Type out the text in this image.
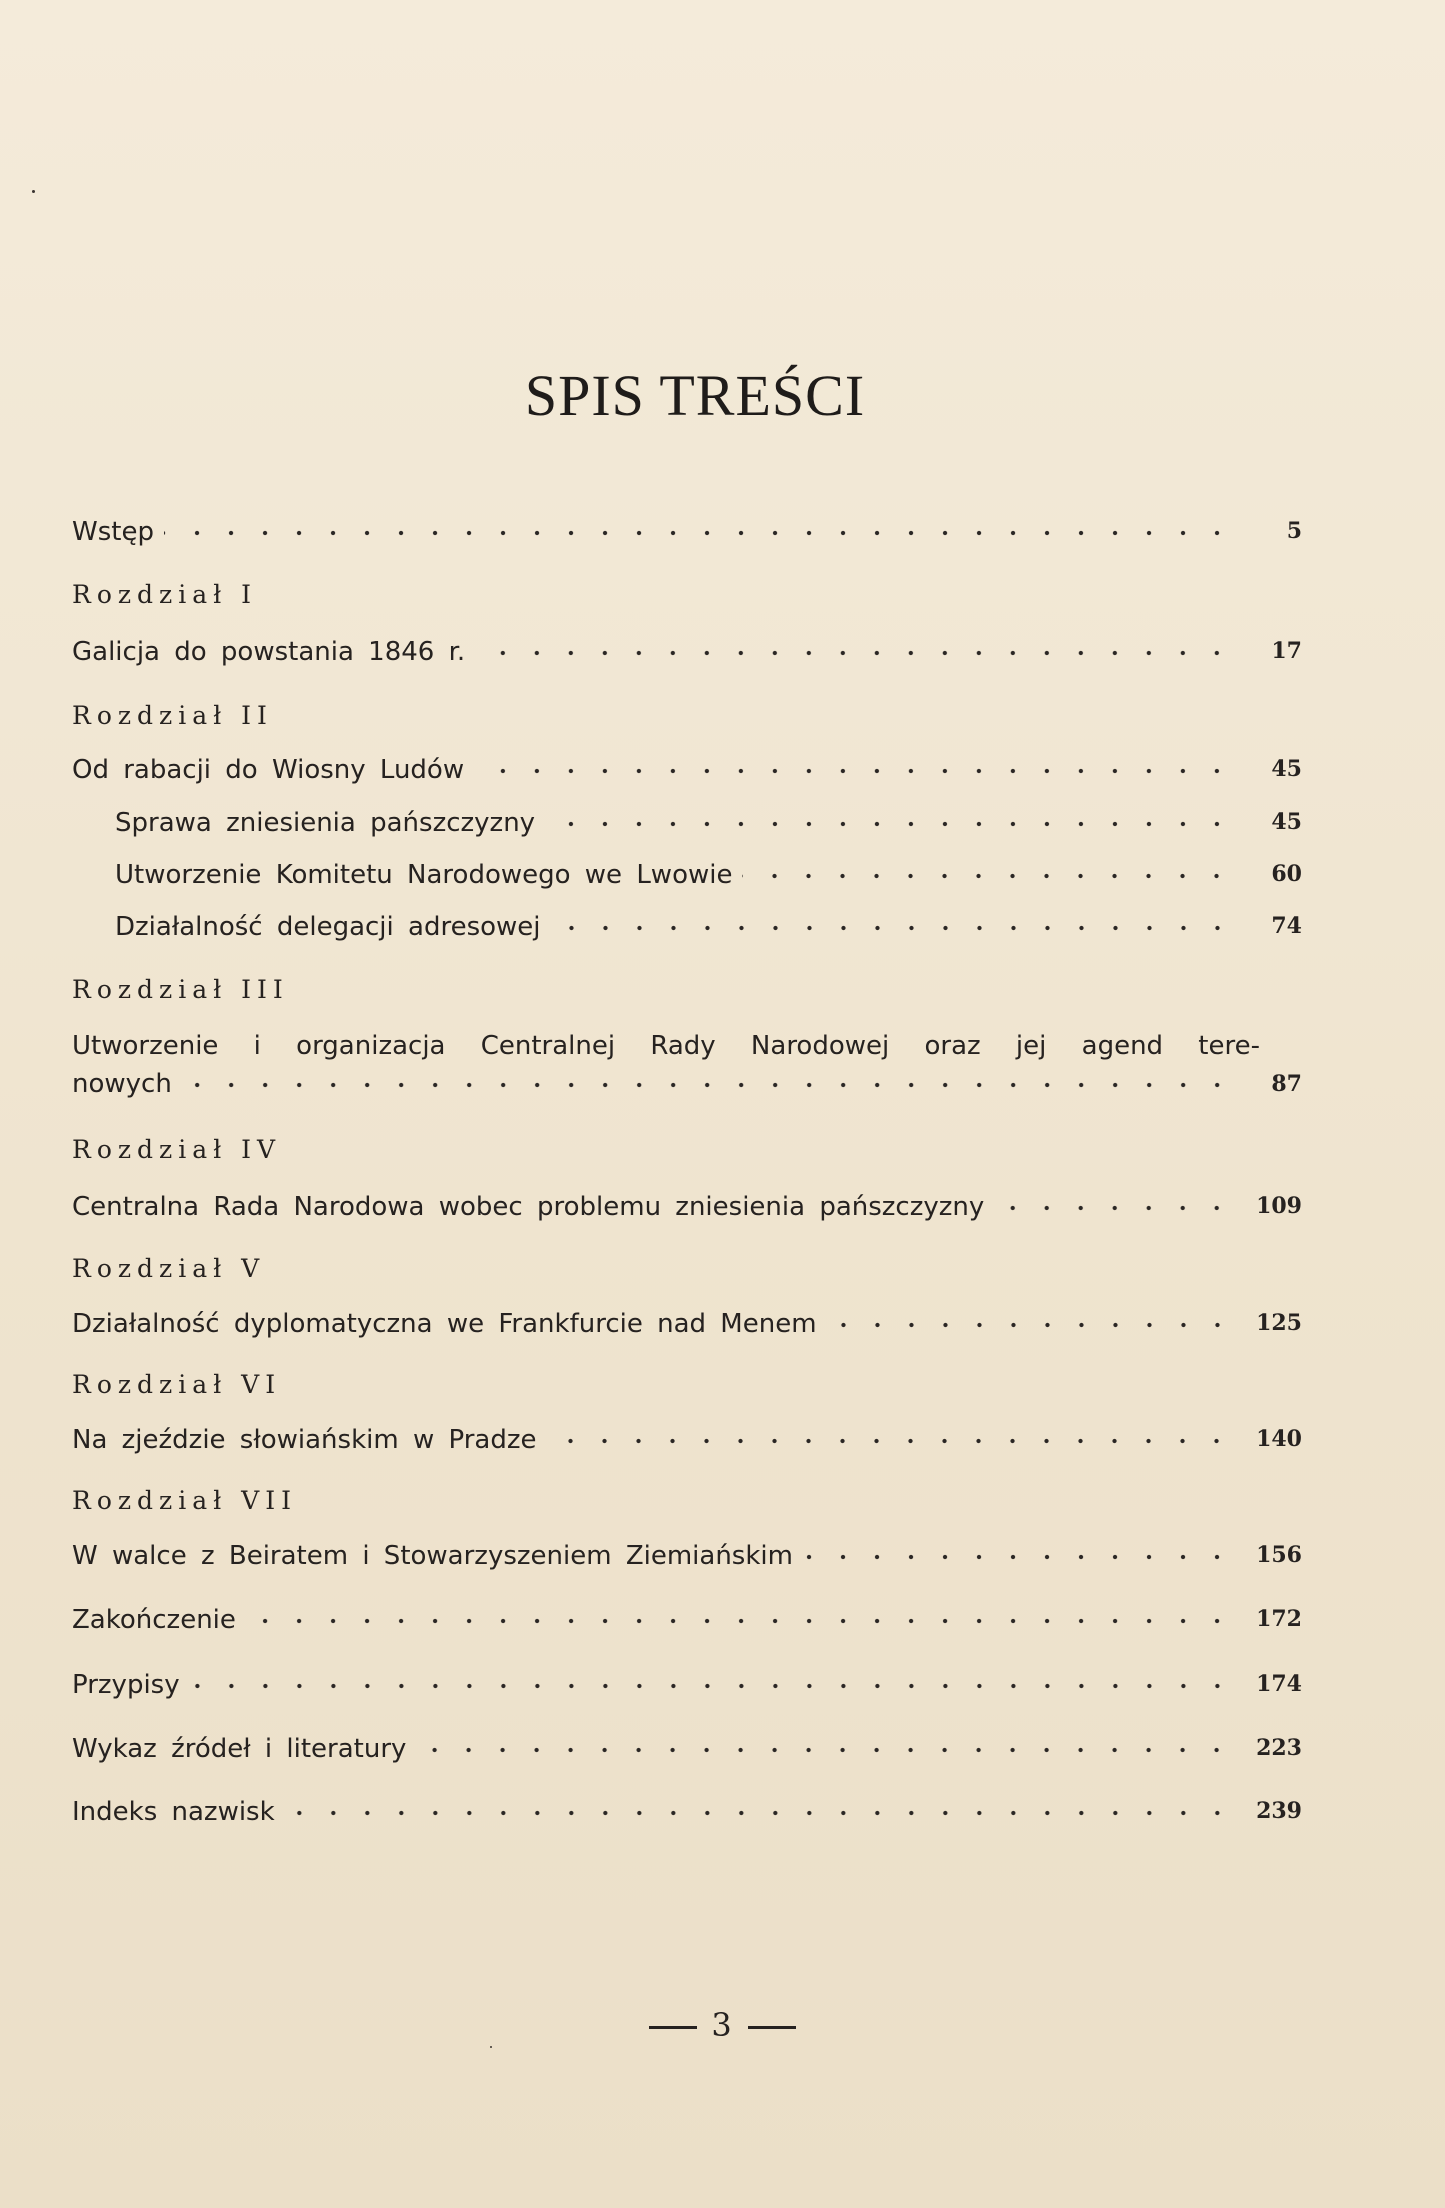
SPIS TREŚCI
Wstęp	5
Rozdział I
Galicja do powstania 1846 r.	17
Rozdział II
Od rabacji do Wiosny Ludów	45
Sprawa zniesienia pańszczyzny	45
Utworzenie Komitetu Narodowego we Lwowie	60
Działalność delegacji adresowej	74
Rozdział III
Utworzenie i organizacja Centralnej Rady Narodowej oraz jej agend tere-
nowych	87
Rozdział IV
Centralna Rada Narodowa wobec problemu zniesienia pańszczyzny	109
Rozdział V
Działalność dyplomatyczna we Frankfurcie nad Menem	125
Rozdział VI
Na zjeździe słowiańskim w Pradze	140
Rozdział VII
W walce z Beiratem i Stowarzyszeniem Ziemiańskim	156
Zakończenie	172
Przypisy	174
Wykaz źródeł i literatury	223
Indeks nazwisk	239
3
